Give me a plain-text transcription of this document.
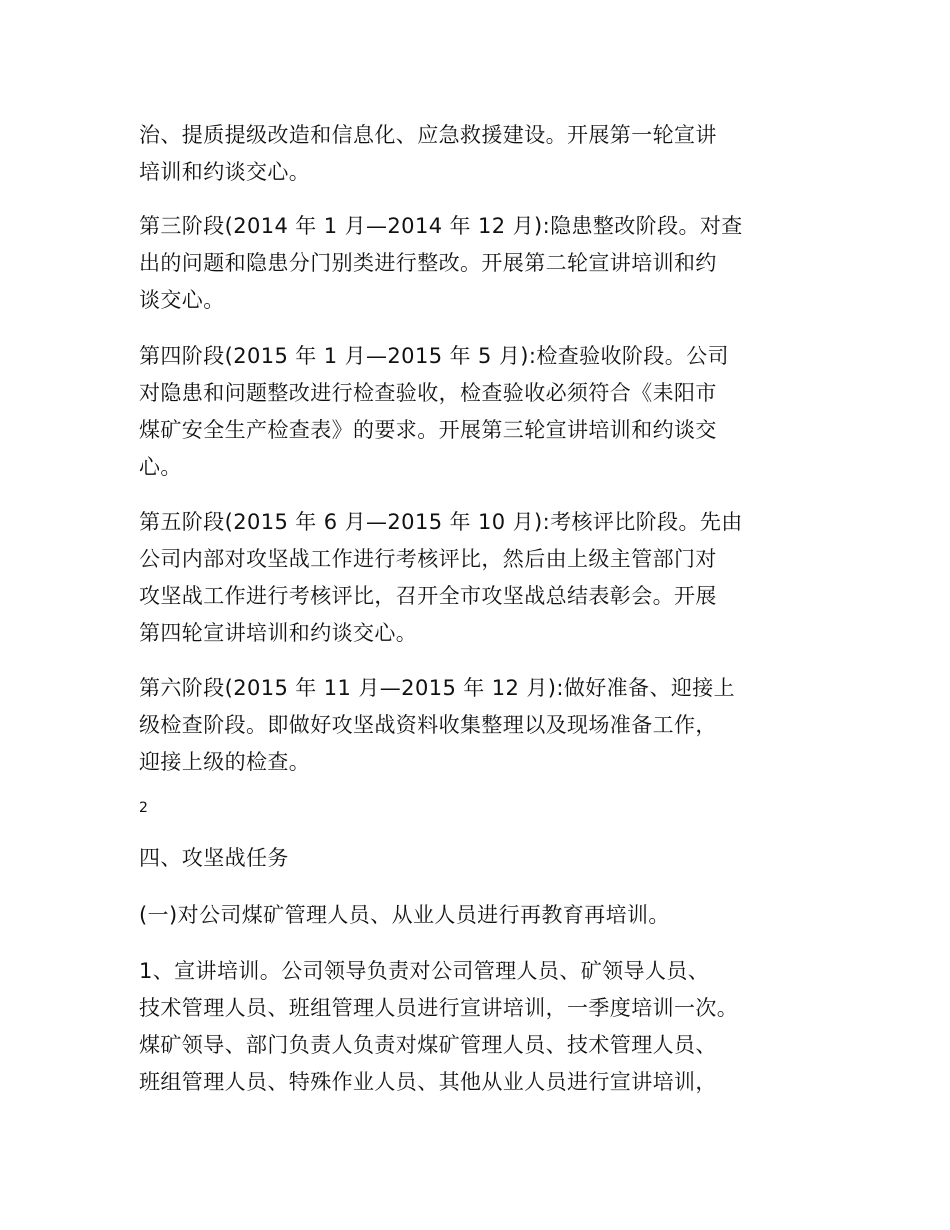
治、提质提级改造和信息化、应急救援建设。开展第一轮宣讲
培训和约谈交心。
第三阶段(2014 年 1 月—2014 年 12 月):隐患整改阶段。对查
出的问题和隐患分门别类进行整改。开展第二轮宣讲培训和约
谈交心。
第四阶段(2015 年 1 月—2015 年 5 月):检查验收阶段。公司
对隐患和问题整改进行检查验收，检查验收必须符合《耒阳市
煤矿安全生产检查表》的要求。开展第三轮宣讲培训和约谈交
心。
第五阶段(2015 年 6 月—2015 年 10 月):考核评比阶段。先由
公司内部对攻坚战工作进行考核评比，然后由上级主管部门对
攻坚战工作进行考核评比，召开全市攻坚战总结表彰会。开展
第四轮宣讲培训和约谈交心。
第六阶段(2015 年 11 月—2015 年 12 月):做好准备、迎接上
级检查阶段。即做好攻坚战资料收集整理以及现场准备工作，
迎接上级的检查。
2
四、攻坚战任务
(一)对公司煤矿管理人员、从业人员进行再教育再培训。
1、宣讲培训。公司领导负责对公司管理人员、矿领导人员、
技术管理人员、班组管理人员进行宣讲培训，一季度培训一次。
煤矿领导、部门负责人负责对煤矿管理人员、技术管理人员、
班组管理人员、特殊作业人员、其他从业人员进行宣讲培训，
